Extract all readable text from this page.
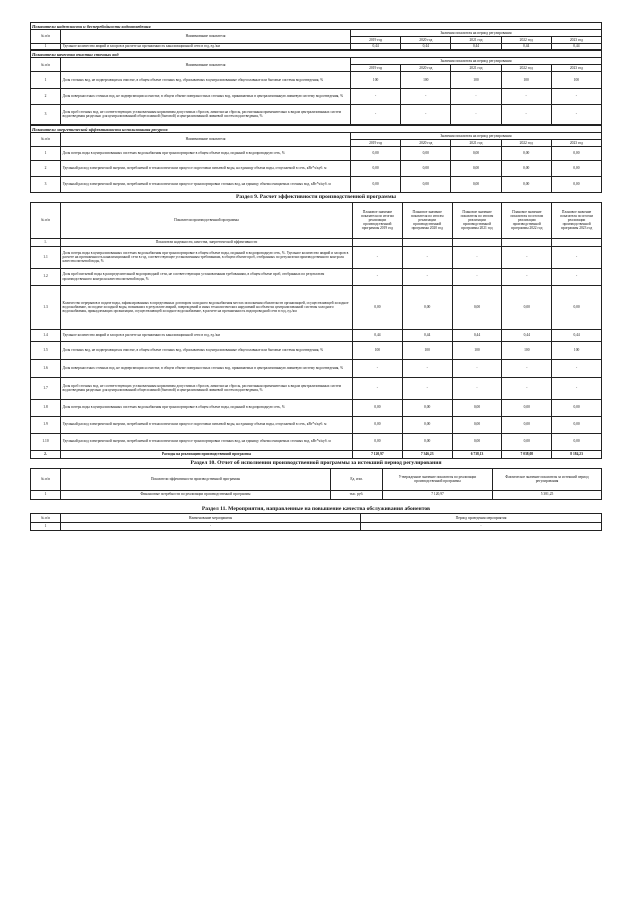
Показатели надежности и бесперебойности водоотведения						
№ п/п	Наименование показателя	Значения показателя на период регулирования				
		2019 год	2020 год	2021 год	2022 год	2023 год
1	Удельное количество аварий и засоров в расчете на протяженность канализационной сети в год, ед./км	0,44	0,44	0,44	0,44	0,44
Показатели качества очистки сточных вод						
№ п/п	Наименование показателя	Значения показателя на период регулирования				
		2019 год	2020 год	2021 год	2022 год	2023 год
1	Доля сточных вод, не подвергающихся очистке, в общем объеме сточных вод, сбрасываемых в централизованные общесплавные или бытовые системы водоотведения, %	100	100	100	100	100
2	Доля поверхностных сточных вод, не подвергающихся очистке, в общем объеме поверхностных сточных вод, принимаемых в централизованную ливневую систему водоотведения, %	-	-	-	-	-
3	Доля проб сточных вод, не соответствующих установленным нормативам допустимых сбросов, лимитам на сбросы, рассчитанная применительно к видам централизованных систем водоотведения раздельно для централизованной общесплавной (бытовой) и централизованной ливневой систем водоотведения, %	-	-	-	-	-
Показатели энергетической эффективности использования ресурсов						
№ п/п	Наименование показателя	Значения показателя на период регулирования				
		2019 год	2020 год	2021 год	2022 год	2023 год
1	Доля потерь воды в централизованных системах водоснабжения при транспортировке в общем объеме воды, поданной в водопроводную сеть, %	0,00	0,00	0,00	0,00	0,00
2	Удельный расход электрической энергии, потребляемой в технологическом процессе подготовки питьевой воды, на единицу объема воды, отпускаемой в сеть, кВт*ч/куб. м	0,00	0,00	0,00	0,00	0,00
3	Удельный расход электрической энергии, потребляемой в технологическом процессе транспортировки сточных вод, на единицу объема очищаемых сточных вод, кВт*ч/куб. м	0,00	0,00	0,00	0,00	0,00
Раздел 9. Расчет эффективности производственной программы
№ п/п	Показатели производственной программы	Плановое значение показателя по итогам реализации производственной программы 2019 год	Плановое значение показателя по итогам реализации производственной программы 2020 год	Плановое значение показателя по итогам реализации производственной программы 2021 год	Плановое значение показателя по итогам реализации производственной программы 2022 год	Плановое значение показателя по итогам реализации производственной программы 2023 год
1.	Показатели надежности, качества, энергетической эффективности					
1.1	Доля потерь воды в централизованных системах водоснабжения при транспортировке в общем объеме воды, поданной в водопроводную сеть, %. Удельное количество аварий и засоров в расчете на протяженность канализационной сети в год, соответствующее установленным требованиям, в общем объеме проб, отобранных по результатам производственного контроля качества питьевой воды, %	-	-	-	-	-
1.2	Доля проб питьевой воды в распределительной водопроводной сети, не соответствующих установленным требованиям, в общем объеме проб, отобранных по результатам производственного контроля качества питьевой воды, %	-	-	-	-	-
1.3	Количество перерывов в подаче воды, зафиксированных в определенных договором холодного водоснабжения местах исполнения обязательств организацией, осуществляющей холодное водоснабжение, по подаче холодной воды, возникших в результате аварий, повреждений и иных технологических нарушений на объектах централизованной системы холодного водоснабжения, принадлежащих организации, осуществляющей холодное водоснабжение, в расчете на протяженность водопроводной сети в год, ед./км	0,00	0,00	0,00	0,00	0,00
1.4	Удельное количество аварий и засоров в расчете на протяженность канализационной сети в год, ед./км	0,44	0,44	0,44	0,44	0,44
1.5	Доля сточных вод, не подвергающихся очистке, в общем объеме сточных вод, сбрасываемых в централизованные общесплавные или бытовые системы водоотведения, %	100	100	100	100	100
1.6	Доля поверхностных сточных вод, не подвергающихся очистке, в общем объеме поверхностных сточных вод, принимаемых в централизованную ливневую систему водоотведения, %	-	-	-	-	-
1.7	Доля проб сточных вод, не соответствующих установленным нормативам допустимых сбросов, лимитам на сбросы, рассчитанная применительно к видам централизованных систем водоотведения раздельно для централизованной общесплавной (бытовой) и централизованной ливневой систем водоотведения, %	-	-	-	-	-
1.8	Доля потерь воды в централизованных системах водоснабжения при транспортировке в общем объеме воды, поданной в водопроводную сеть, %	0,00	0,00	0,00	0,00	0,00
1.9	Удельный расход электрической энергии, потребляемой в технологическом процессе подготовки питьевой воды, на единицу объема воды, отпускаемой в сеть, кВт*ч/куб. м	0,00	0,00	0,00	0,00	0,00
1.10	Удельный расход электрической энергии, потребляемой в технологическом процессе транспортировки сточных вод, на единицу объема очищаемых сточных вод, кВт*ч/куб. м	0,00	0,00	0,00	0,00	0,00
2.	Расходы на реализацию производственной программы	7 120,97	7 346,23	6 738,13	7 038,08	8 184,23
Раздел 10. Отчет об исполнении производственной программы за истекший период регулирования
№ п/п	Показатели эффективности производственной программы	Ед. изм.	Утвержденное значение показателя по реализации производственной программы	Фактическое значение показателя за истекший период регулирования
1	Финансовые потребности по реализации производственной программы	тыс. руб.	7 120,97	5 381,25
Раздел 11. Мероприятия, направленные на повышение качества обслуживания абонентов
№ п/п	Наименование мероприятия	Период проведения мероприятия
1	-	-
